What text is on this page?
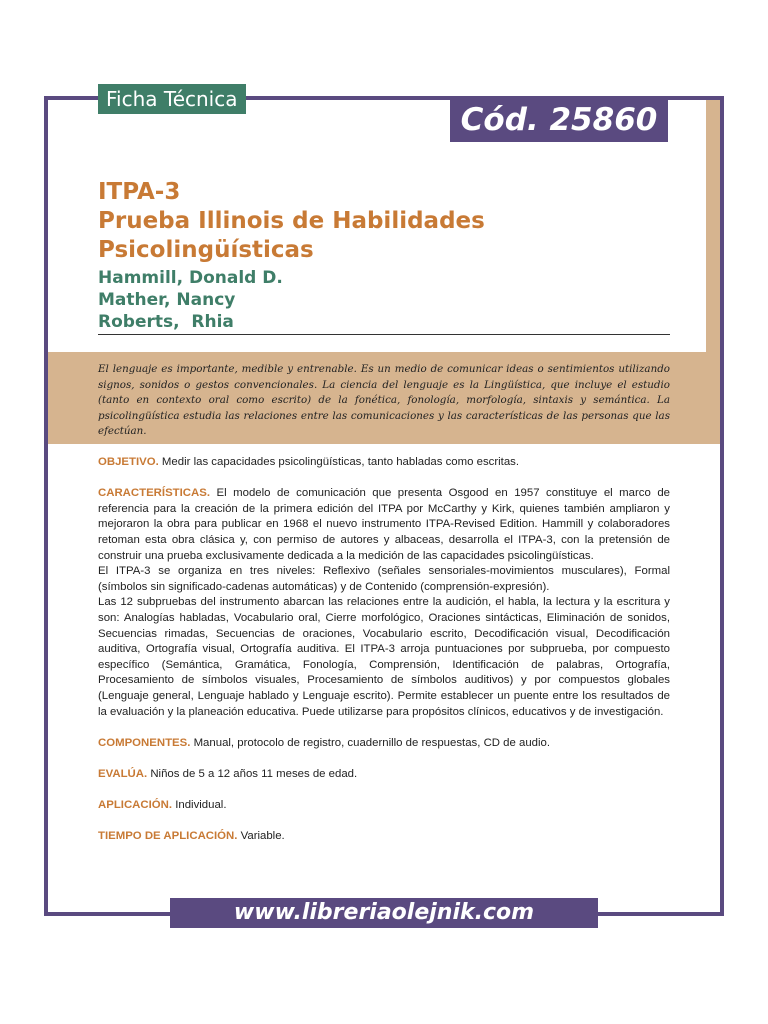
Ficha Técnica
Cód. 25860
ITPA-3
Prueba Illinois de Habilidades
Psicolingüísticas
Hammill, Donald D.
Mather, Nancy
Roberts,  Rhia

El lenguaje es importante, medible y entrenable. Es un medio de comunicar ideas o sentimientos utilizando signos, sonidos o gestos convencionales. La ciencia del lenguaje es la Lingüística, que incluye el estudio (tanto en contexto oral como escrito) de la fonética, fonología, morfología, sintaxis y semántica. La psicolingüística estudia las relaciones entre las comunicaciones y las características de las personas que las efectúan.

OBJETIVO. Medir las capacidades psicolingüísticas, tanto habladas como escritas.

CARACTERÍSTICAS. El modelo de comunicación que presenta Osgood en 1957 constituye el marco de referencia para la creación de la primera edición del ITPA por McCarthy y Kirk, quienes también ampliaron y mejoraron la obra para publicar en 1968 el nuevo instrumento ITPA-Revised Edition. Hammill y colaboradores retoman esta obra clásica y, con permiso de autores y albaceas, desarrolla el ITPA-3, con la pretensión de construir una prueba exclusivamente dedicada a la medición de las capacidades psicolingüísticas.

El ITPA-3 se organiza en tres niveles: Reflexivo (señales sensoriales-movimientos musculares), Formal (símbolos sin significado-cadenas automáticas) y de Contenido (comprensión-expresión).

Las 12 subpruebas del instrumento abarcan las relaciones entre la audición, el habla, la lectura y la escritura y son: Analogías habladas, Vocabulario oral, Cierre morfológico, Oraciones sintácticas, Eliminación de sonidos, Secuencias rimadas, Secuencias de oraciones, Vocabulario escrito, Decodificación visual, Decodificación auditiva, Ortografía visual, Ortografía auditiva. El ITPA-3 arroja puntuaciones por subprueba, por compuesto específico (Semántica, Gramática, Fonología, Comprensión, Identificación de palabras, Ortografía, Procesamiento de símbolos visuales, Procesamiento de símbolos auditivos) y por compuestos globales (Lenguaje general, Lenguaje hablado y Lenguaje escrito). Permite establecer un puente entre los resultados de la evaluación y la planeación educativa. Puede utilizarse para propósitos clínicos, educativos y de investigación.

COMPONENTES. Manual, protocolo de registro, cuadernillo de respuestas, CD de audio.

EVALÚA. Niños de 5 a 12 años 11 meses de edad.

APLICACIÓN. Individual.

TIEMPO DE APLICACIÓN. Variable.

www.libreriaolejnik.com
